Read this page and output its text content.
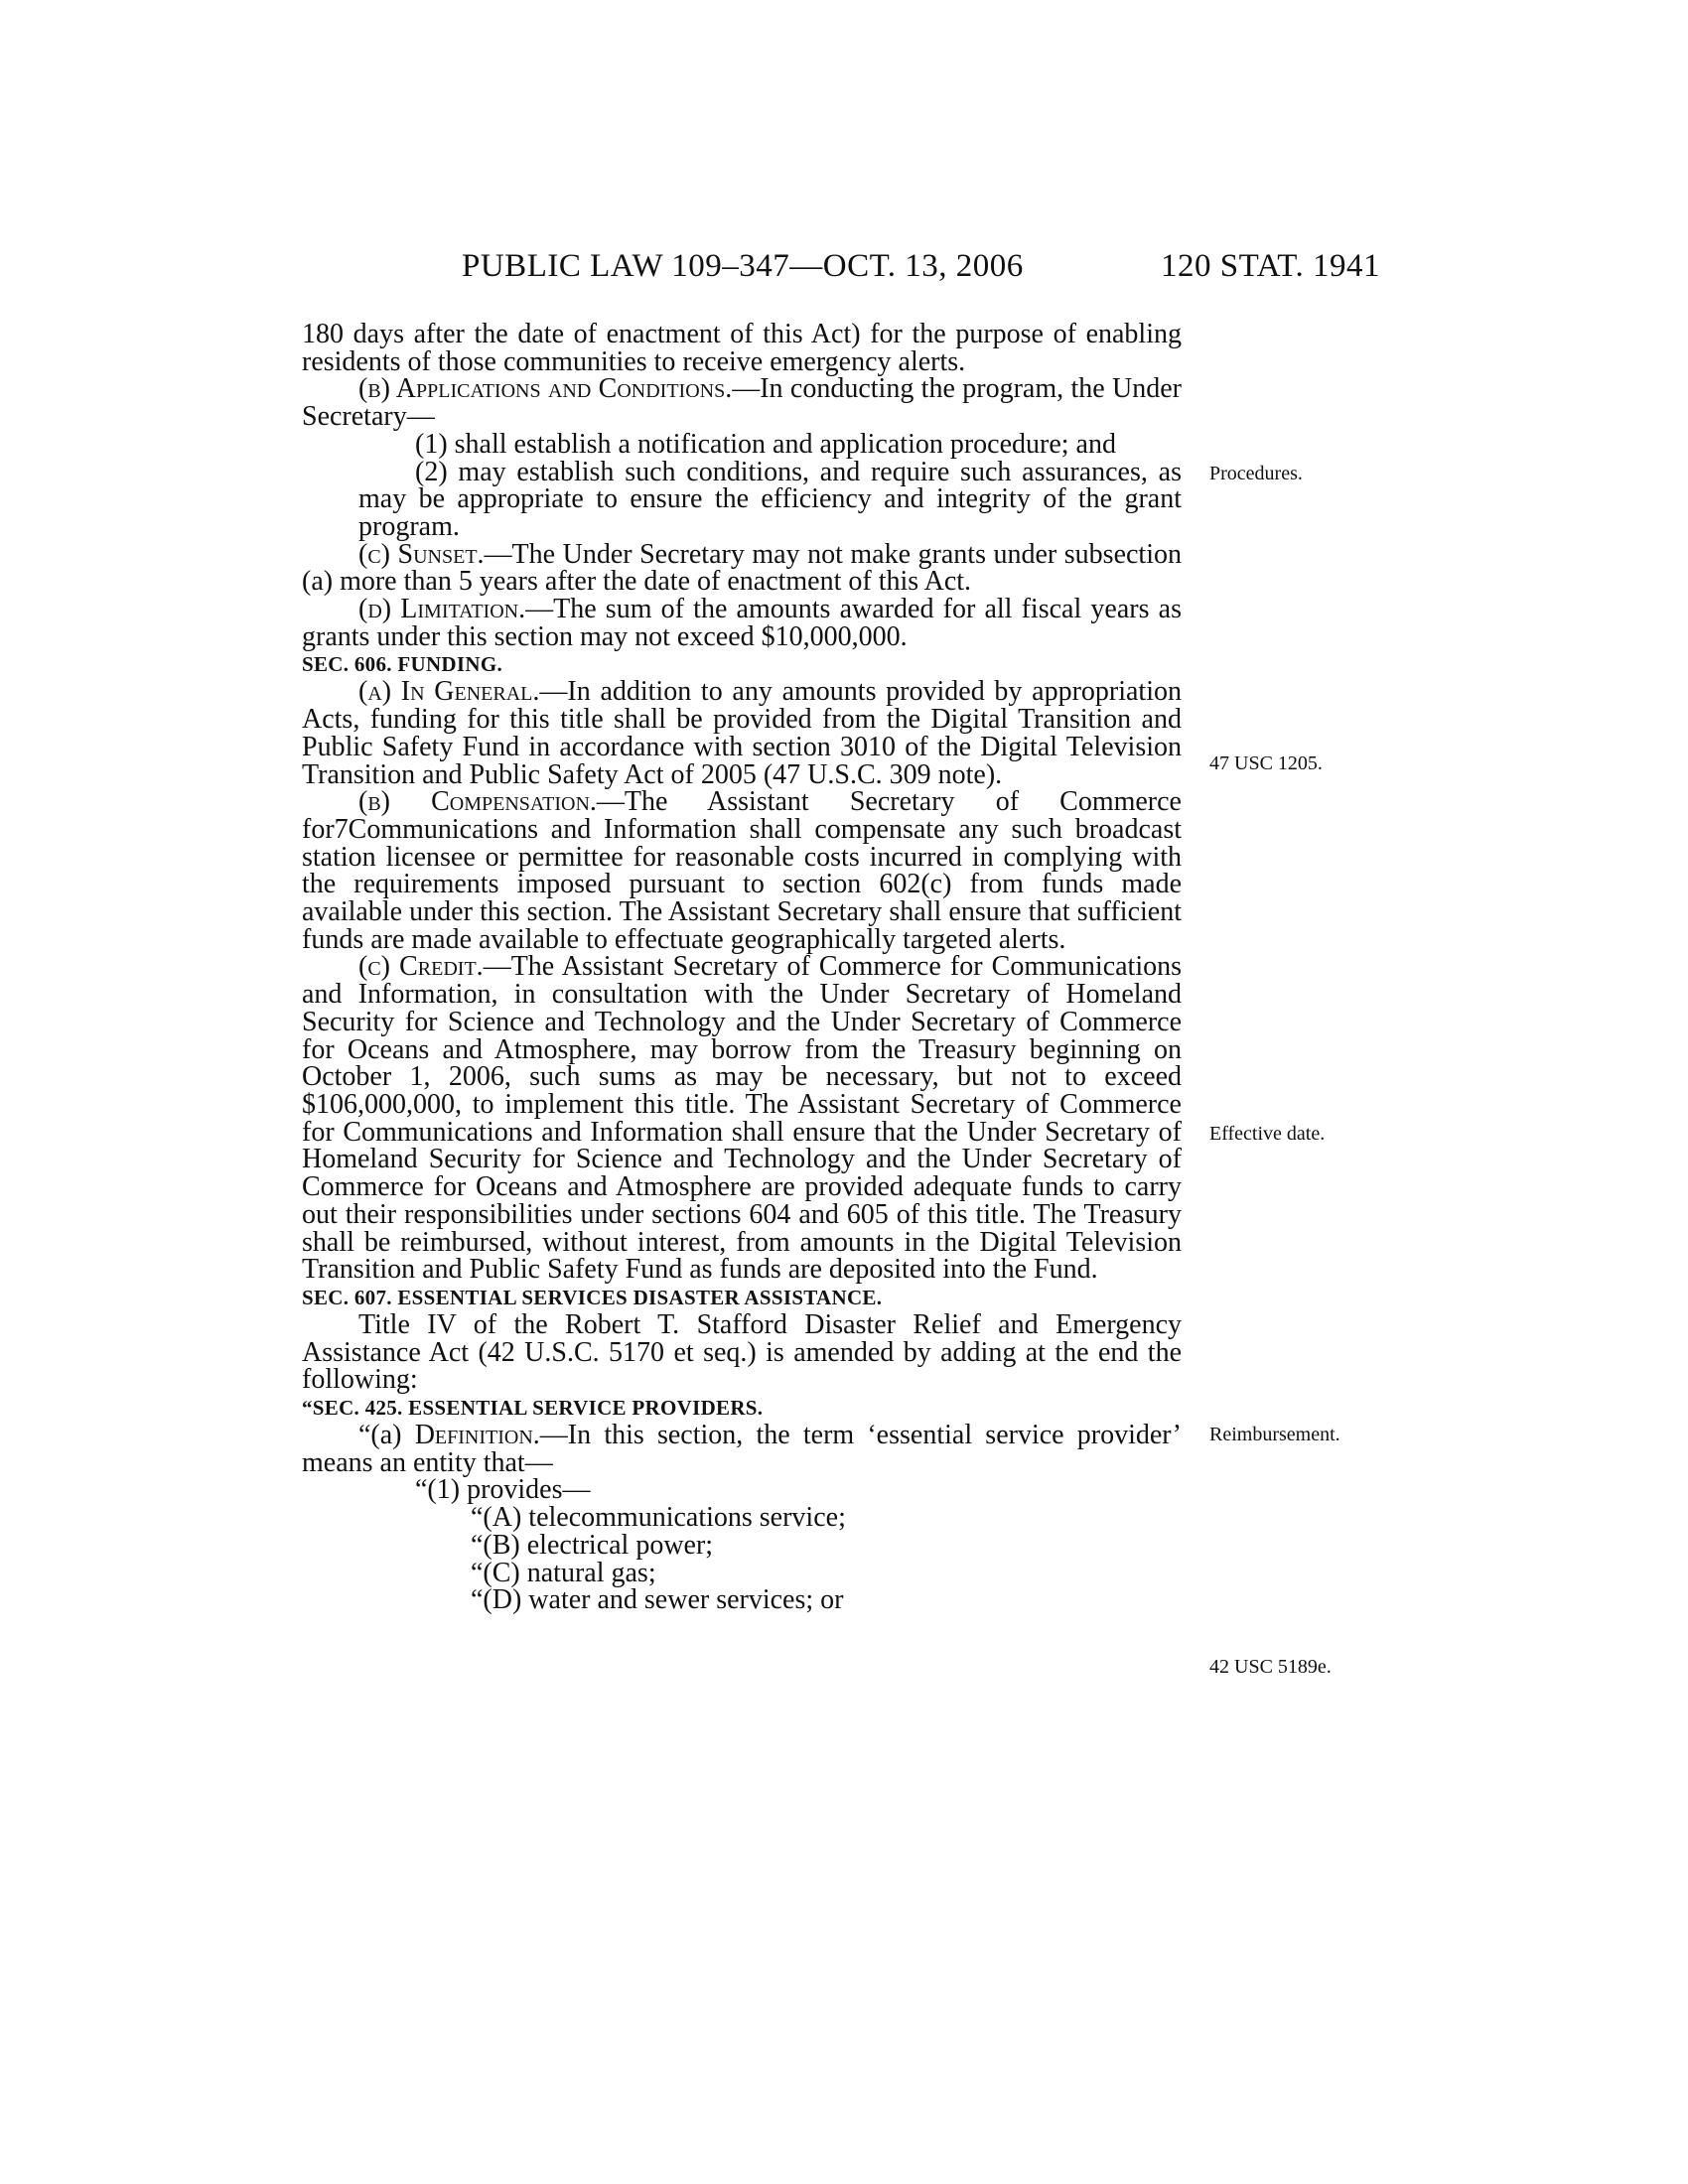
PUBLIC LAW 109–347—OCT. 13, 2006	120 STAT. 1941

180 days after the date of enactment of this Act) for the purpose of enabling residents of those communities to receive emergency alerts.

(b) Applications and Conditions.—In conducting the program, the Under Secretary—

(1) shall establish a notification and application procedure; and

(2) may establish such conditions, and require such assurances, as may be appropriate to ensure the efficiency and integrity of the grant program.

(c) Sunset.—The Under Secretary may not make grants under subsection (a) more than 5 years after the date of enactment of this Act.

(d) Limitation.—The sum of the amounts awarded for all fiscal years as grants under this section may not exceed $10,000,000.

SEC. 606. FUNDING.

(a) In General.—In addition to any amounts provided by appropriation Acts, funding for this title shall be provided from the Digital Transition and Public Safety Fund in accordance with section 3010 of the Digital Television Transition and Public Safety Act of 2005 (47 U.S.C. 309 note).

(b) Compensation.—The Assistant Secretary of Commerce for7Communications and Information shall compensate any such broadcast station licensee or permittee for reasonable costs incurred in complying with the requirements imposed pursuant to section 602(c) from funds made available under this section. The Assistant Secretary shall ensure that sufficient funds are made available to effectuate geographically targeted alerts.

(c) Credit.—The Assistant Secretary of Commerce for Communications and Information, in consultation with the Under Secretary of Homeland Security for Science and Technology and the Under Secretary of Commerce for Oceans and Atmosphere, may borrow from the Treasury beginning on October 1, 2006, such sums as may be necessary, but not to exceed $106,000,000, to implement this title. The Assistant Secretary of Commerce for Communications and Information shall ensure that the Under Secretary of Homeland Security for Science and Technology and the Under Secretary of Commerce for Oceans and Atmosphere are provided adequate funds to carry out their responsibilities under sections 604 and 605 of this title. The Treasury shall be reimbursed, without interest, from amounts in the Digital Television Transition and Public Safety Fund as funds are deposited into the Fund.

SEC. 607. ESSENTIAL SERVICES DISASTER ASSISTANCE.

Title IV of the Robert T. Stafford Disaster Relief and Emergency Assistance Act (42 U.S.C. 5170 et seq.) is amended by adding at the end the following:

“SEC. 425. ESSENTIAL SERVICE PROVIDERS.

“(a) Definition.—In this section, the term ‘essential service provider’ means an entity that—

“(1) provides—

“(A) telecommunications service;

“(B) electrical power;

“(C) natural gas;

“(D) water and sewer services; or

Procedures.
47 USC 1205.
Effective date.
Reimbursement.
42 USC 5189e.
